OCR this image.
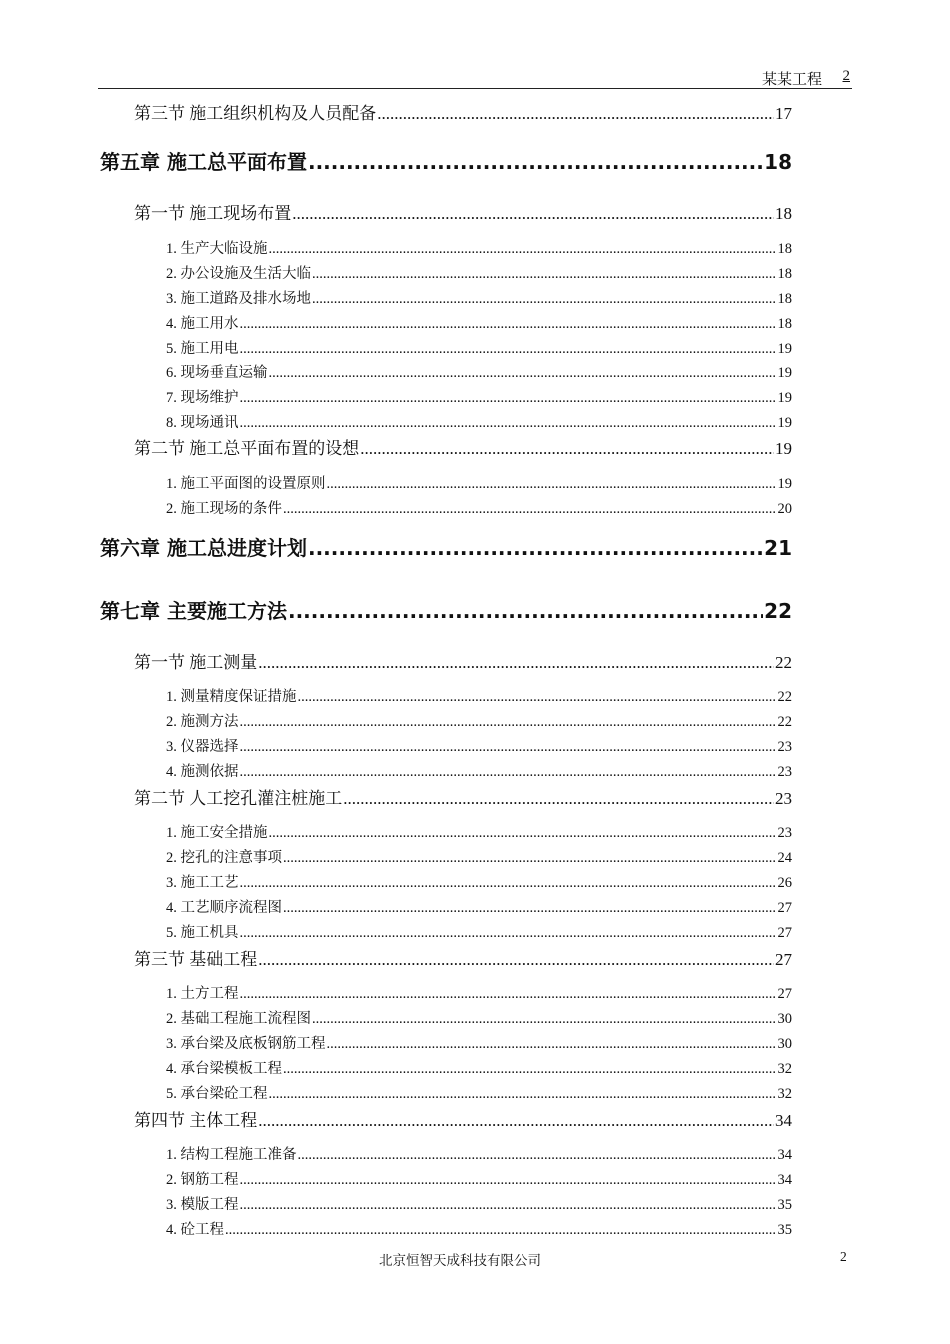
某某工程 2
第三节 施工组织机构及人员配备 .....	17
第五章 施工总平面布置 .....	18
第一节 施工现场布置 .....	18
1. 生产大临设施 .....	18
2. 办公设施及生活大临 .....	18
3. 施工道路及排水场地 .....	18
4. 施工用水 .....	18
5. 施工用电 .....	19
6. 现场垂直运输 .....	19
7. 现场维护 .....	19
8. 现场通讯 .....	19
第二节 施工总平面布置的设想 .....	19
1. 施工平面图的设置原则 .....	19
2. 施工现场的条件 .....	20
第六章 施工总进度计划 .....	21
第七章 主要施工方法 .....	22
第一节 施工测量 .....	22
1. 测量精度保证措施 .....	22
2. 施测方法 .....	22
3. 仪器选择 .....	23
4. 施测依据 .....	23
第二节 人工挖孔灌注桩施工 .....	23
1. 施工安全措施 .....	23
2. 挖孔的注意事项 .....	24
3. 施工工艺 .....	26
4. 工艺顺序流程图 .....	27
5. 施工机具 .....	27
第三节 基础工程 .....	27
1. 土方工程 .....	27
2. 基础工程施工流程图 .....	30
3. 承台梁及底板钢筋工程 .....	30
4. 承台梁模板工程 .....	32
5. 承台梁砼工程 .....	32
第四节 主体工程 .....	34
1. 结构工程施工准备 .....	34
2. 钢筋工程 .....	34
3. 模版工程 .....	35
4. 砼工程 .....	35
北京恒智天成科技有限公司	2
